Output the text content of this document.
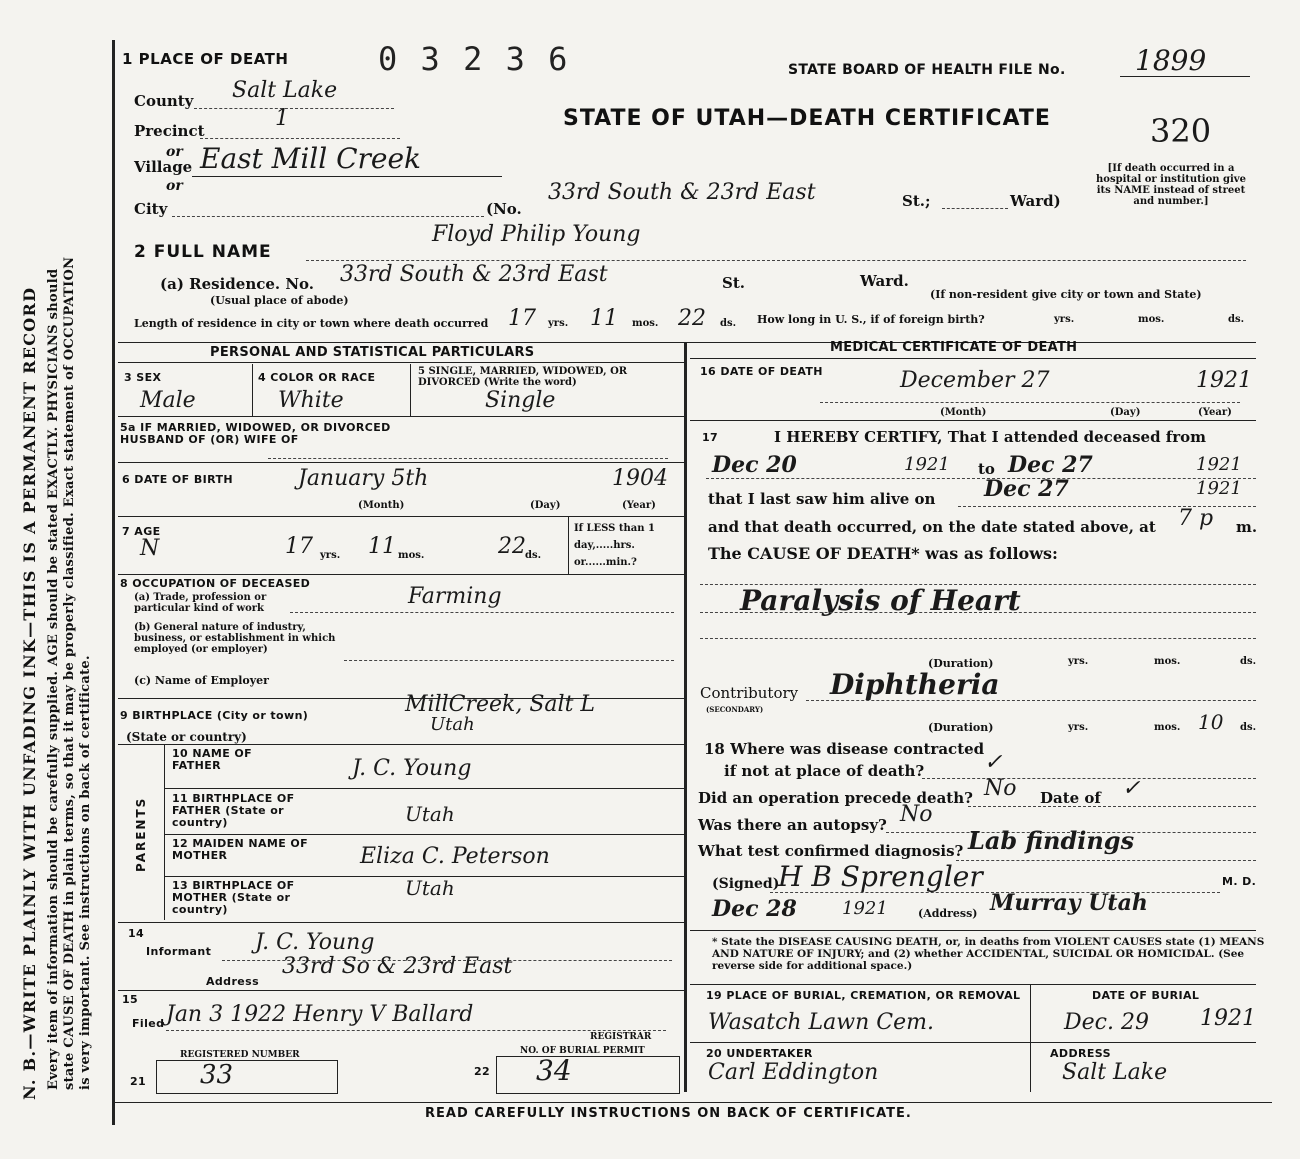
N. B.—WRITE PLAINLY WITH UNFADING INK—THIS IS A PERMANENT RECORD Every item of information should be carefully supplied. AGE should be stated EXACTLY. PHYSICIANS should state CAUSE OF DEATH in plain terms, so that it may be properly classified. Exact statement of OCCUPATION is very important. See instructions on back of certificate.
1 PLACE OF DEATH	0 3 2 3 6	STATE BOARD OF HEALTH FILE No. 1899
STATE OF UTAH—DEATH CERTIFICATE	320
County Salt Lake
Precinct	1
or
Village East Mill Creek
or
City	(No.
33rd South & 23rd East	St.;	Ward)
[If death occurred in a hospital or institution give its NAME instead of street and number.]
2 FULL NAME
Floyd Philip Young
(a) Residence. No. 33rd South & 23rd East	St.	Ward.
(Usual place of abode)	(If non-resident give city or town and State)
Length of residence in city or town where death occurred 17 yrs. 11 mos. 22 ds. How long in U. S., if of foreign birth?	yrs.	mos.	ds.
PERSONAL AND STATISTICAL PARTICULARS	MEDICAL CERTIFICATE OF DEATH
3 SEX
Male
4 COLOR OR RACE
White
5 SINGLE, MARRIED, WIDOWED, OR DIVORCED (Write the word)
Single
5a IF MARRIED, WIDOWED, OR DIVORCED HUSBAND OF (OR) WIFE OF
6 DATE OF BIRTH	January 5th	1904
(Month)	(Day)	(Year)
7 AGE
N	17 yrs. 11 mos.	22 ds.
If LESS than 1 day,.....hrs. or......min.?
8 OCCUPATION OF DECEASED
(a) Trade, profession or particular kind of work	Farming
(b) General nature of industry, business, or establishment in which employed (or employer)
(c) Name of Employer
9 BIRTHPLACE (City or town)	MillCreek, Salt L
Utah
(State or country)
PARENTS
10 NAME OF FATHER	J. C. Young
11 BIRTHPLACE OF FATHER (State or country)	Utah
12 MAIDEN NAME OF MOTHER	Eliza C. Peterson
13 BIRTHPLACE OF MOTHER (State or country)
Utah
14
Informant J. C. Young
Address
33rd So & 23rd East
15
Filed Jan 3 1922 Henry V Ballard
REGISTRAR
REGISTERED NUMBER	NO. OF BURIAL PERMIT
21 33	22 34
16 DATE OF DEATH	December 27	1921
(Month)	(Day)	(Year)
17	I HEREBY CERTIFY, That I attended deceased from
Dec 20	1921 to Dec 27	1921
that I last saw him alive on Dec 27	1921
and that death occurred, on the date stated above, at 7 p m.
The CAUSE OF DEATH* was as follows:
Paralysis of Heart
(Duration)	yrs.	mos.	ds.
Contributory
(SECONDARY)
Diphtheria
(Duration)	yrs.	mos. 10 ds.
18 Where was disease contracted
if not at place of death?	✓
Did an operation precede death? No Date of ✓
Was there an autopsy? No
What test confirmed diagnosis? Lab findings
(Signed)
H B Sprengler	M. D.
Dec 28	1921	(Address) Murray Utah
* State the DISEASE CAUSING DEATH, or, in deaths from VIOLENT CAUSES state (1) MEANS AND NATURE OF INJURY; and (2) whether ACCIDENTAL, SUICIDAL OR HOMICIDAL. (See reverse side for additional space.)
19 PLACE OF BURIAL, CREMATION, OR REMOVAL
Wasatch Lawn Cem.
DATE OF BURIAL
Dec. 29 1921
20 UNDERTAKER
Carl Eddington
ADDRESS
Salt Lake
READ CAREFULLY INSTRUCTIONS ON BACK OF CERTIFICATE.
